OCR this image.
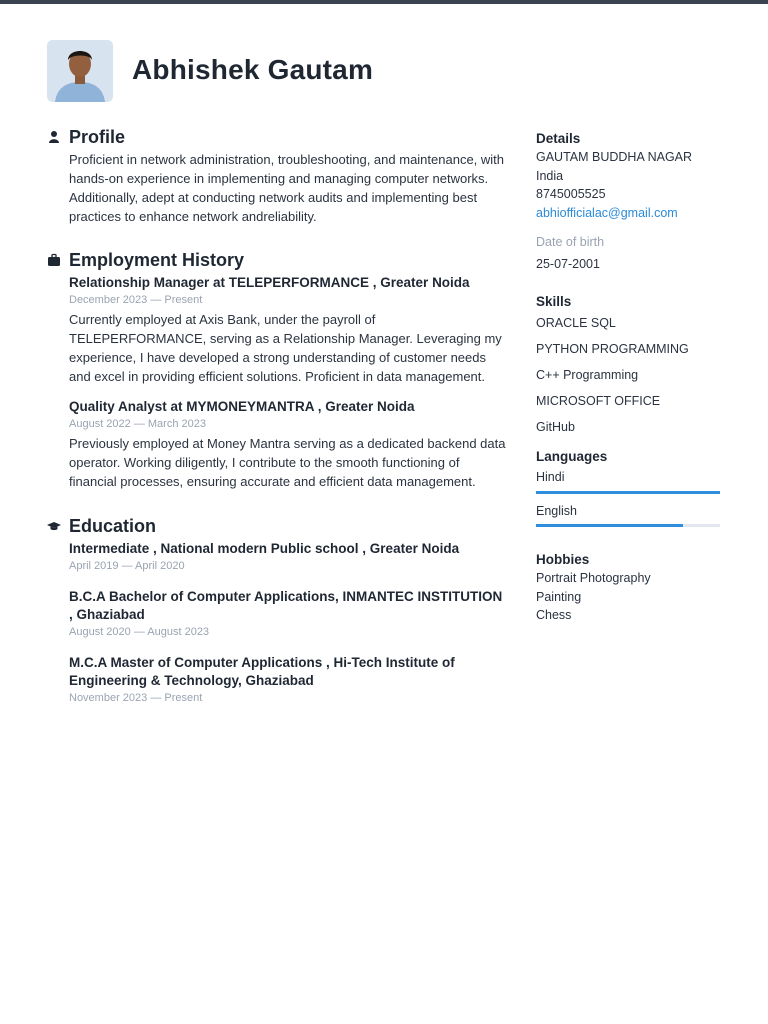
Abhishek Gautam
Profile
Proficient in network administration, troubleshooting, and maintenance, with hands-on experience in implementing and managing computer networks. Additionally, adept at conducting network audits and implementing best practices to enhance network andreliability.
Employment History
Relationship Manager at TELEPERFORMANCE , Greater Noida
December 2023 — Present
Currently employed at Axis Bank, under the payroll of TELEPERFORMANCE, serving as a Relationship Manager. Leveraging my experience, I have developed a strong understanding of customer needs and excel in providing efficient solutions. Proficient in data management.
Quality Analyst at MYMONEYMANTRA , Greater Noida
August 2022 — March 2023
Previously employed at Money Mantra serving as a dedicated backend data operator. Working diligently, I contribute to the smooth functioning of financial processes, ensuring accurate and efficient data management.
Education
Intermediate , National modern Public school , Greater Noida
April 2019 — April 2020
B.C.A Bachelor of Computer Applications, INMANTEC INSTITUTION , Ghaziabad
August 2020 — August 2023
M.C.A Master of Computer Applications , Hi-Tech Institute of Engineering & Technology, Ghaziabad
November 2023 — Present
Details
GAUTAM BUDDHA NAGAR
India
8745005525
abhiofficialac@gmail.com
Date of birth
25-07-2001
Skills
ORACLE SQL
PYTHON PROGRAMMING
C++ Programming
MICROSOFT OFFICE
GitHub
Languages
Hindi
English
Hobbies
Portrait Photography
Painting
Chess
